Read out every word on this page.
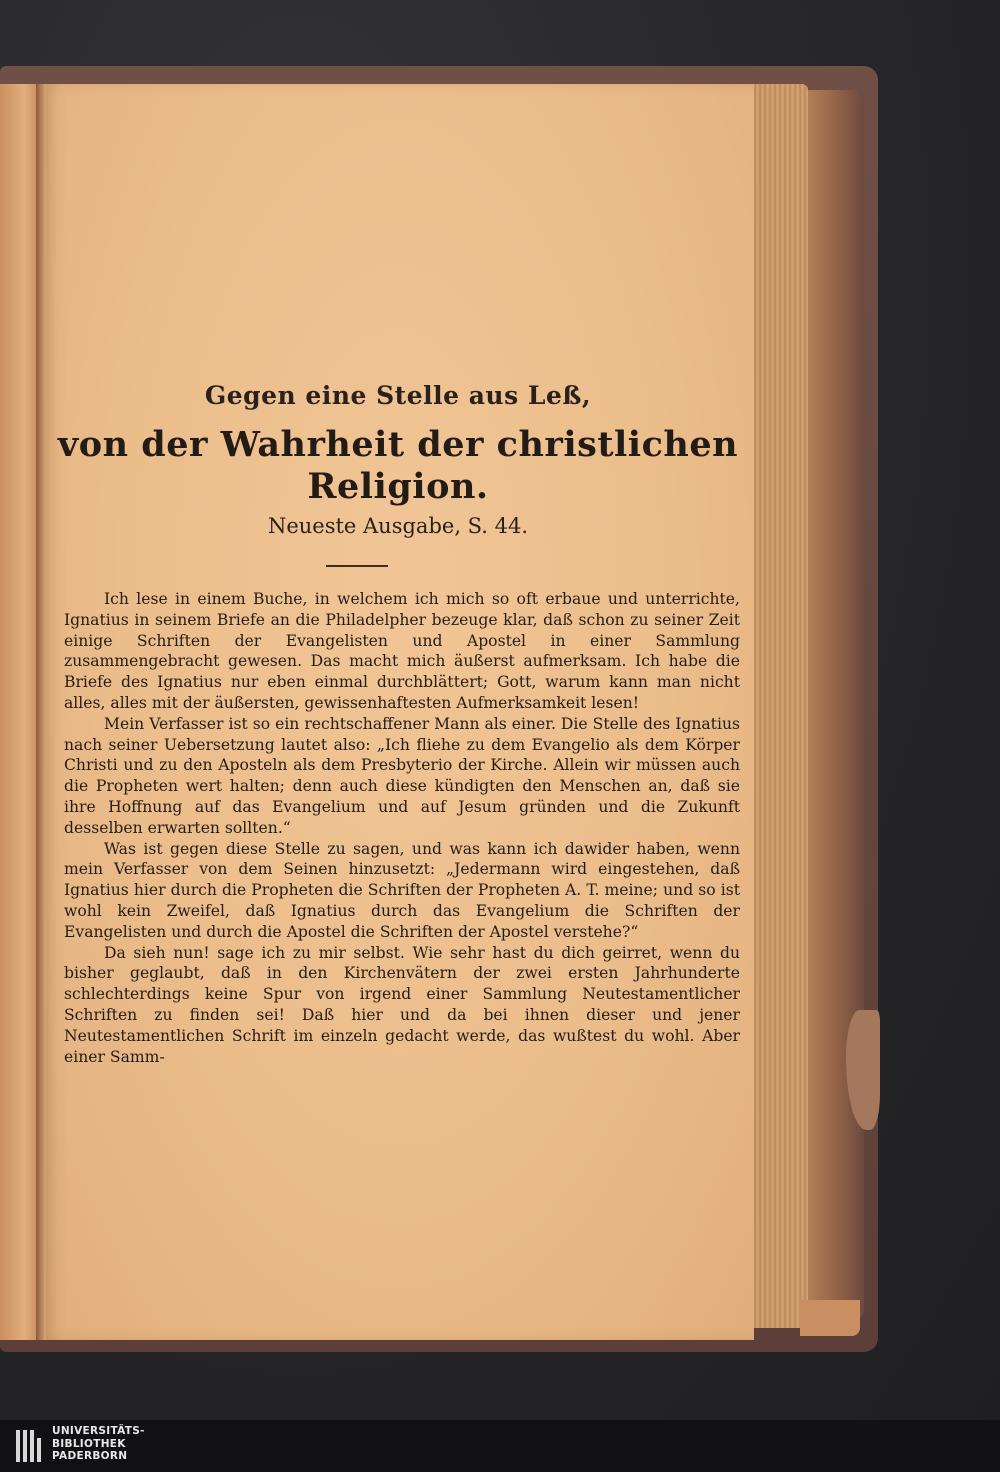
Gegen eine Stelle aus Leß,
von der Wahrheit der christlichen
Religion.
Neueste Ausgabe, S. 44.

Ich lese in einem Buche, in welchem ich mich so oft erbaue und unterrichte, Ignatius in seinem Briefe an die Philadelpher bezeuge klar, daß schon zu seiner Zeit einige Schriften der Evangelisten und Apostel in einer Sammlung zusammengebracht gewesen. Das macht mich äußerst aufmerksam. Ich habe die Briefe des Ignatius nur eben einmal durchblättert; Gott, warum kann man nicht alles, alles mit der äußersten, gewissenhaftesten Aufmerksamkeit lesen!

Mein Verfasser ist so ein rechtschaffener Mann als einer. Die Stelle des Ignatius nach seiner Uebersetzung lautet also: „Ich fliehe zu dem Evangelio als dem Körper Christi und zu den Aposteln als dem Presbyterio der Kirche. Allein wir müssen auch die Propheten wert halten; denn auch diese kündigten den Menschen an, daß sie ihre Hoffnung auf das Evangelium und auf Jesum gründen und die Zukunft desselben erwarten sollten.“

Was ist gegen diese Stelle zu sagen, und was kann ich dawider haben, wenn mein Verfasser von dem Seinen hinzusetzt: „Jedermann wird eingestehen, daß Ignatius hier durch die Propheten die Schriften der Propheten A. T. meine; und so ist wohl kein Zweifel, daß Ignatius durch das Evangelium die Schriften der Evangelisten und durch die Apostel die Schriften der Apostel verstehe?“

Da sieh nun! sage ich zu mir selbst. Wie sehr hast du dich geirret, wenn du bisher geglaubt, daß in den Kirchenvätern der zwei ersten Jahrhunderte schlechterdings keine Spur von irgend einer Sammlung Neutestamentlicher Schriften zu finden sei! Daß hier und da bei ihnen dieser und jener Neutestamentlichen Schrift im einzeln gedacht werde, das wußtest du wohl. Aber einer Samm-

UNIVERSITÄTS-
BIBLIOTHEK
PADERBORN
